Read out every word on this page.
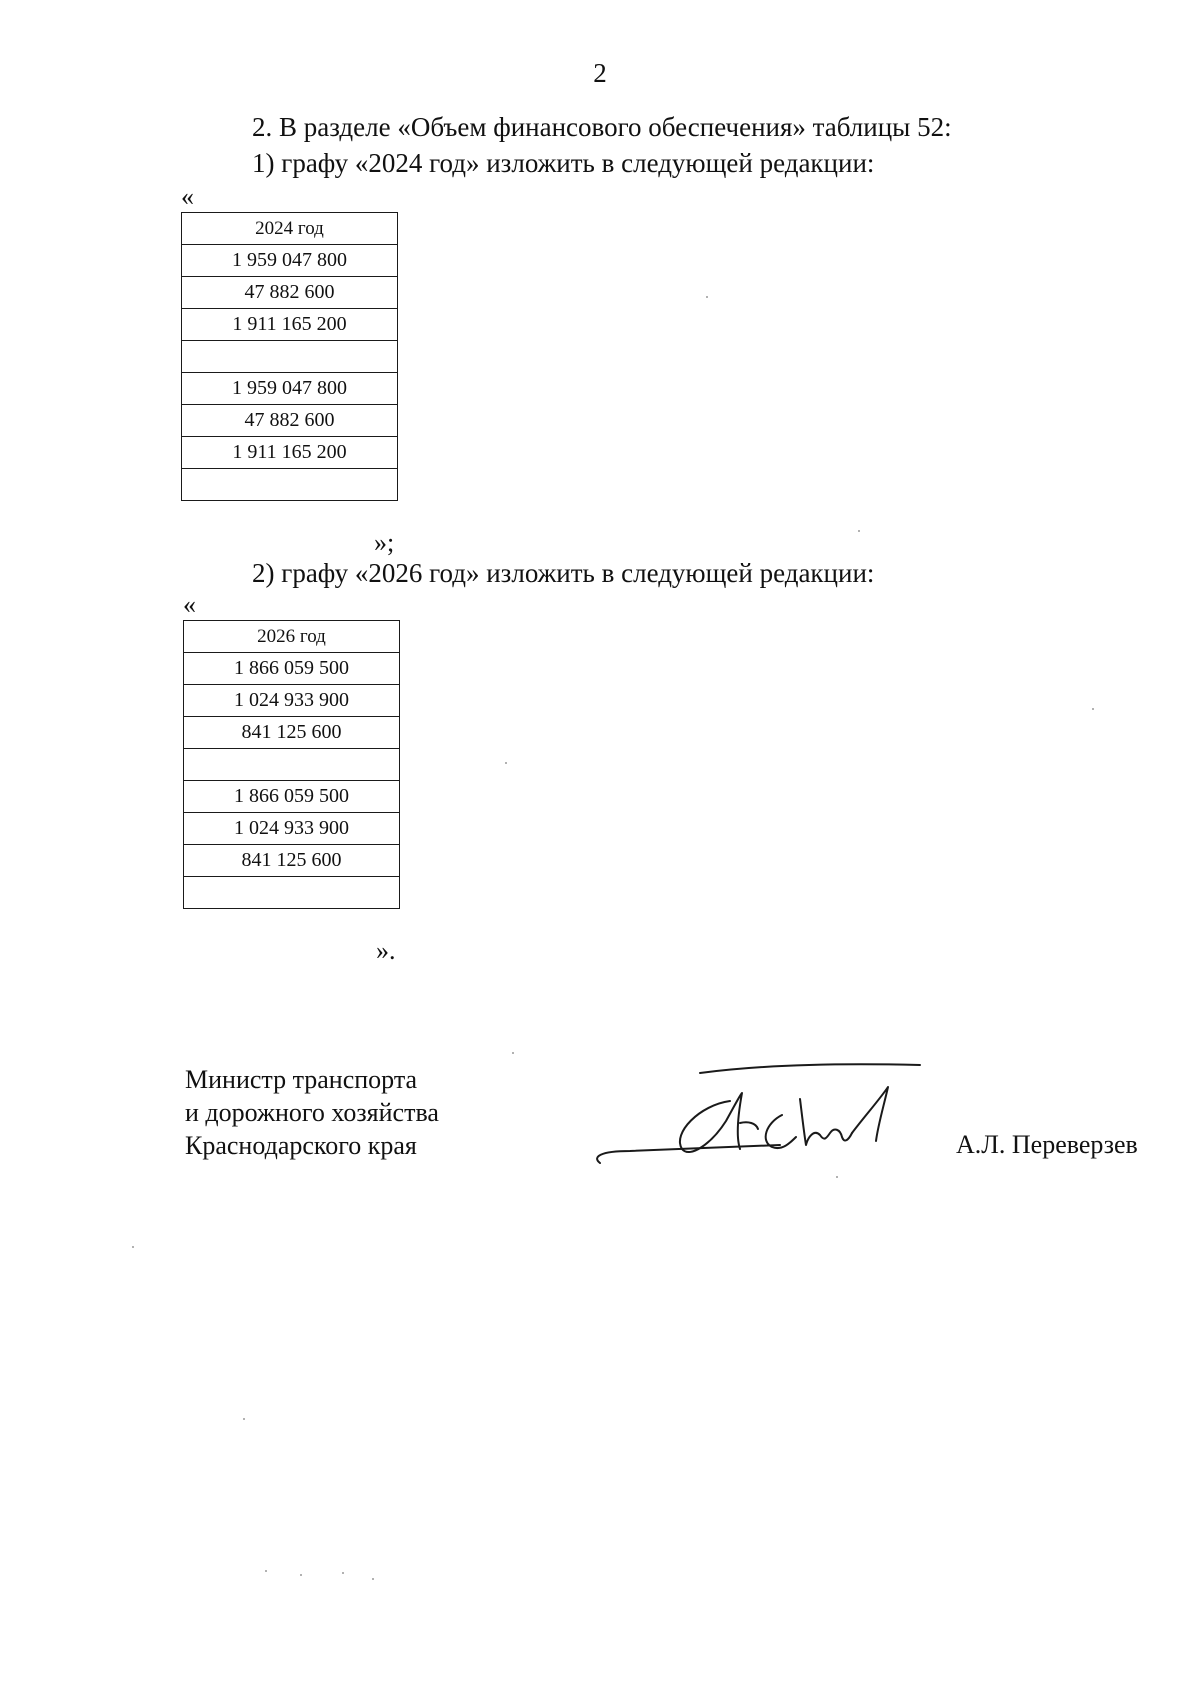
2
2. В разделе «Объем финансового обеспечения» таблицы 52:
1) графу «2024 год» изложить в следующей редакции:
«
2024 год
1 959 047 800
47 882 600
1 911 165 200

1 959 047 800
47 882 600
1 911 165 200

»;
2) графу «2026 год» изложить в следующей редакции:
«
2026 год
1 866 059 500
1 024 933 900
841 125 600

1 866 059 500
1 024 933 900
841 125 600

».
Министр транспорта
и дорожного хозяйства
Краснодарского края	А.Л. Переверзев
